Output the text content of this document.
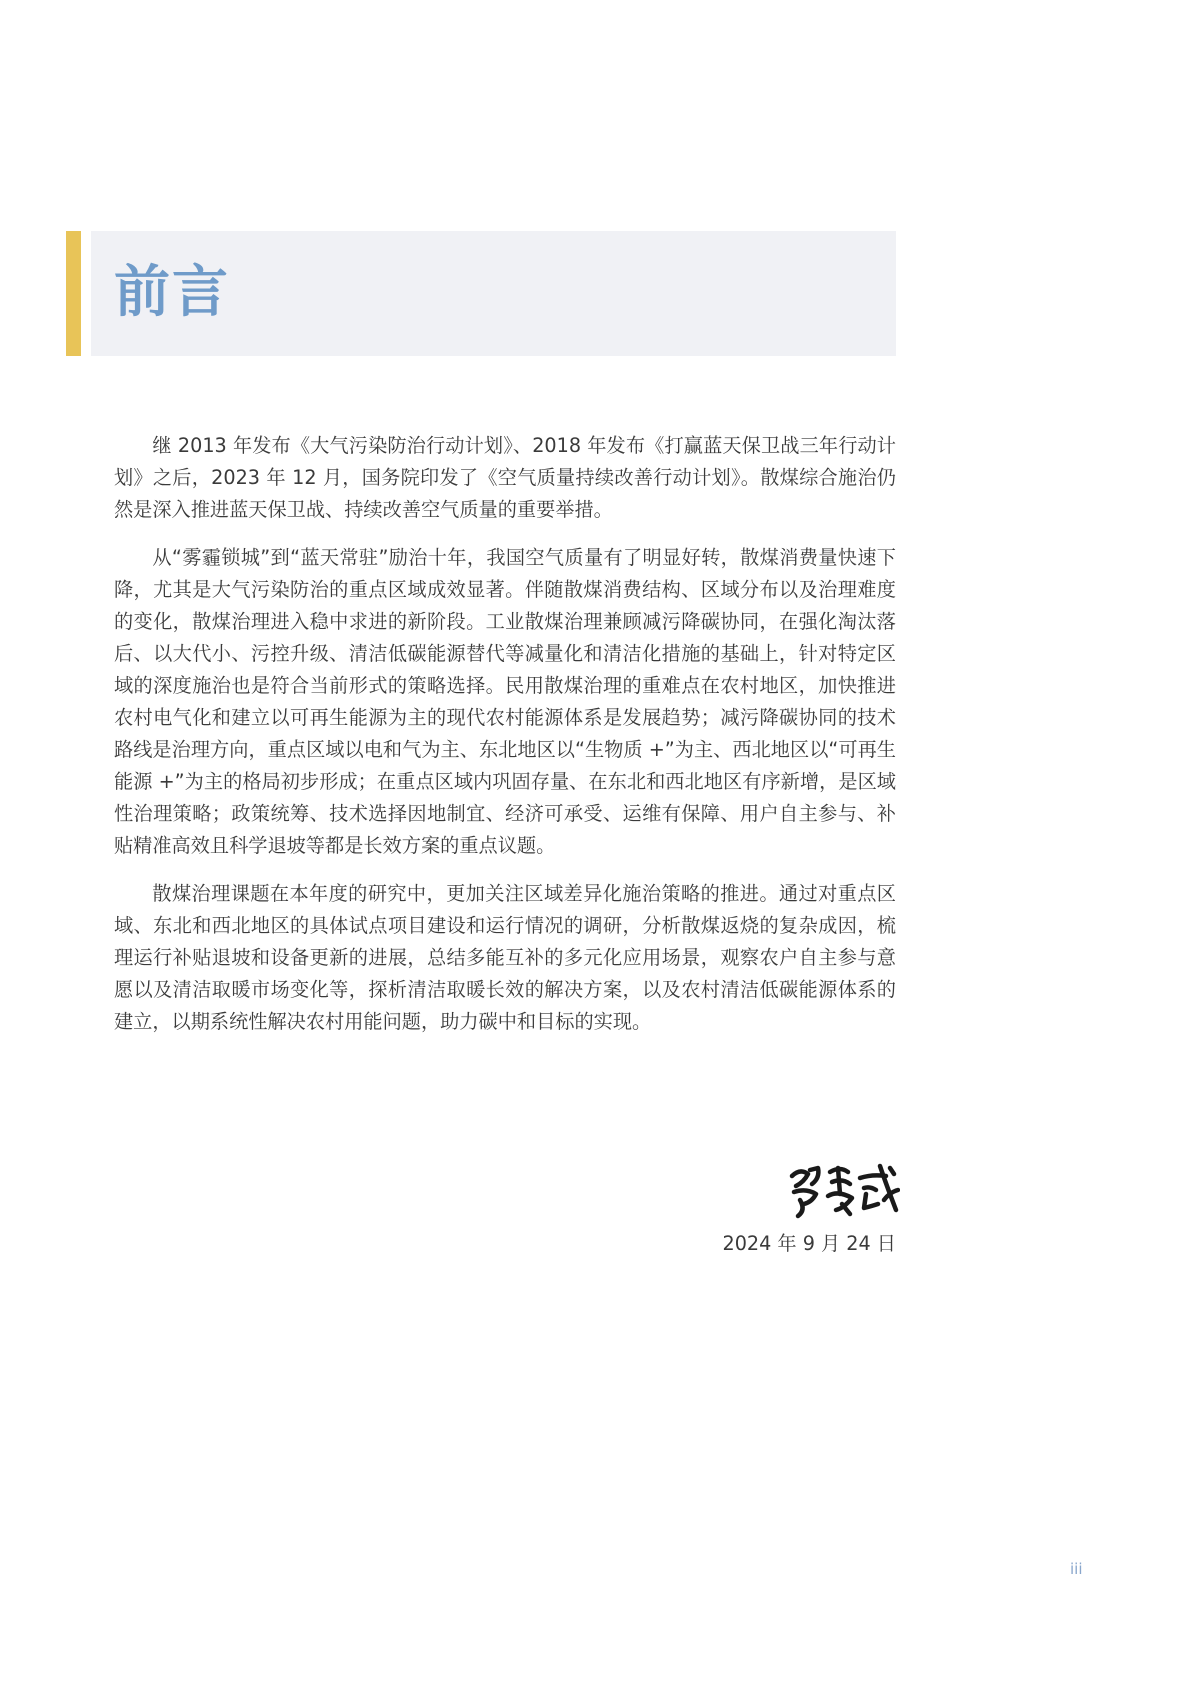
前言

继 2013 年发布《大气污染防治行动计划》、2018 年发布《打赢蓝天保卫战三年行动计划》之后，2023 年 12 月，国务院印发了《空气质量持续改善行动计划》。散煤综合施治仍然是深入推进蓝天保卫战、持续改善空气质量的重要举措。

从“雾霾锁城”到“蓝天常驻”励治十年，我国空气质量有了明显好转，散煤消费量快速下降，尤其是大气污染防治的重点区域成效显著。伴随散煤消费结构、区域分布以及治理难度的变化，散煤治理进入稳中求进的新阶段。工业散煤治理兼顾减污降碳协同，在强化淘汰落后、以大代小、污控升级、清洁低碳能源替代等减量化和清洁化措施的基础上，针对特定区域的深度施治也是符合当前形式的策略选择。民用散煤治理的重难点在农村地区，加快推进农村电气化和建立以可再生能源为主的现代农村能源体系是发展趋势；减污降碳协同的技术路线是治理方向，重点区域以电和气为主、东北地区以“生物质 +”为主、西北地区以“可再生能源 +”为主的格局初步形成；在重点区域内巩固存量、在东北和西北地区有序新增，是区域性治理策略；政策统筹、技术选择因地制宜、经济可承受、运维有保障、用户自主参与、补贴精准高效且科学退坡等都是长效方案的重点议题。

散煤治理课题在本年度的研究中，更加关注区域差异化施治策略的推进。通过对重点区域、东北和西北地区的具体试点项目建设和运行情况的调研，分析散煤返烧的复杂成因，梳理运行补贴退坡和设备更新的进展，总结多能互补的多元化应用场景，观察农户自主参与意愿以及清洁取暖市场变化等，探析清洁取暖长效的解决方案，以及农村清洁低碳能源体系的建立，以期系统性解决农村用能问题，助力碳中和目标的实现。

2024 年 9 月 24 日
iii
